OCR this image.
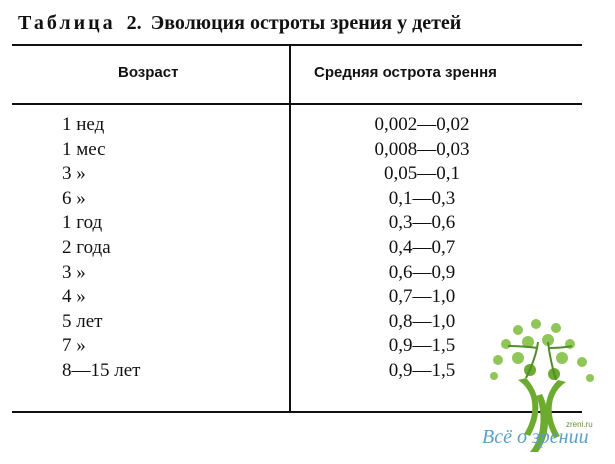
Таблица 2. Эволюция остроты зрения у детей
Возраст	Средняя острота зрення
1 нед
1 мес
3 »
6 »
1 год
2 года
3 »
4 »
5 лет
7 »
8—15 лет
0,002—0,02
0,008—0,03
0,05—0,1
0,1—0,3
0,3—0,6
0,4—0,7
0,6—0,9
0,7—1,0
0,8—1,0
0,9—1,5
0,9—1,5
zreni.ru
Всё о зрении
